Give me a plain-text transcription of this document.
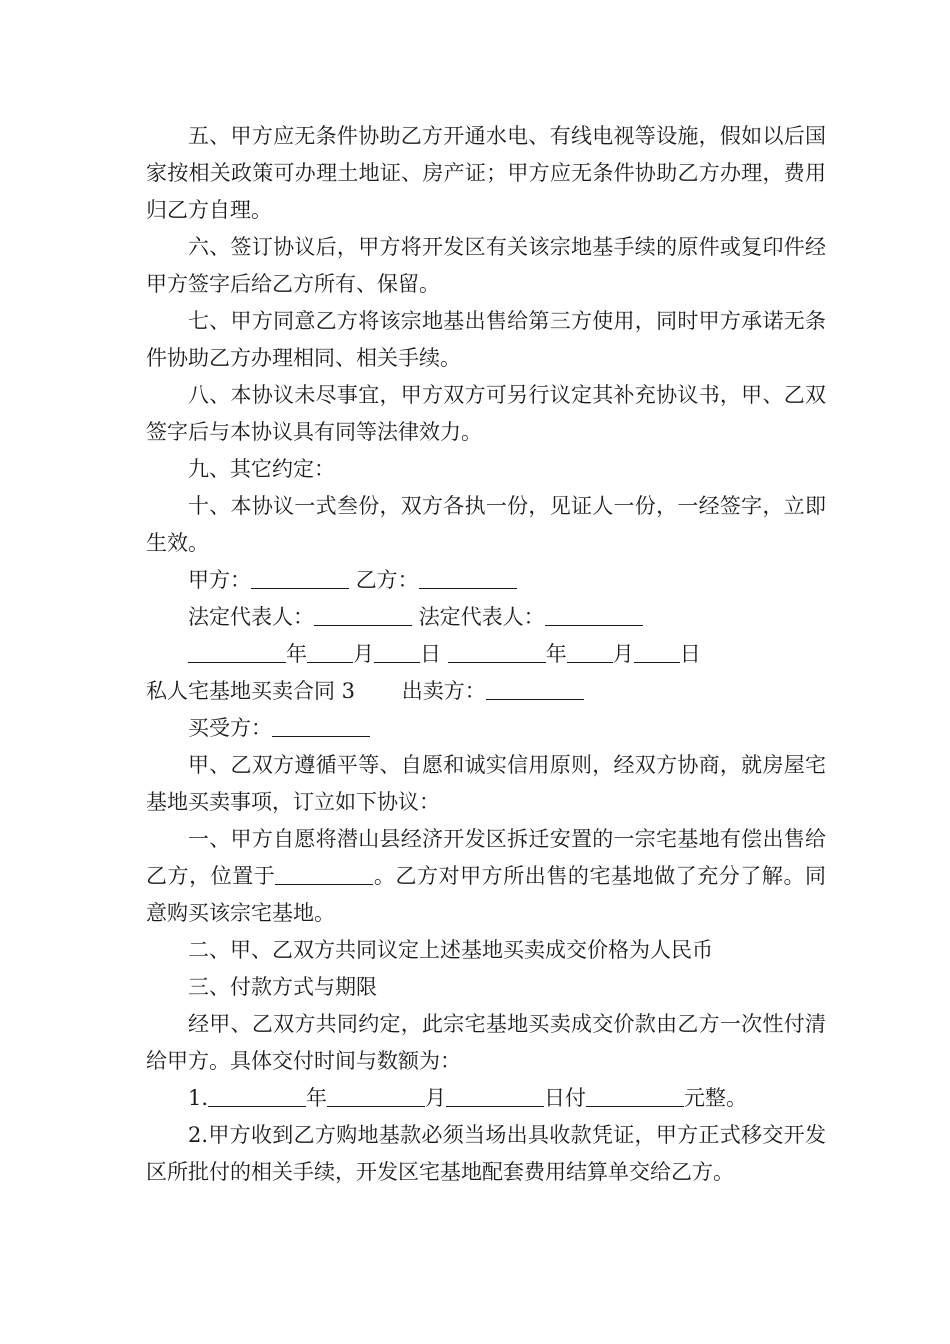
五、甲方应无条件协助乙方开通水电、有线电视等设施，假如以后国家按相关政策可办理土地证、房产证；甲方应无条件协助乙方办理，费用归乙方自理。

六、签订协议后，甲方将开发区有关该宗地基手续的原件或复印件经甲方签字后给乙方所有、保留。

七、甲方同意乙方将该宗地基出售给第三方使用，同时甲方承诺无条件协助乙方办理相同、相关手续。

八、本协议未尽事宜，甲方双方可另行议定其补充协议书，甲、乙双签字后与本协议具有同等法律效力。

九、其它约定：

十、本协议一式叁份，双方各执一份，见证人一份，一经签字，立即生效。

甲方：	乙方：

法定代表人：	法定代表人：

年 月 日	年 月 日

私人宅基地买卖合同 3 出卖方：

买受方：

甲、乙双方遵循平等、自愿和诚实信用原则，经双方协商，就房屋宅基地买卖事项，订立如下协议：

一、甲方自愿将潜山县经济开发区拆迁安置的一宗宅基地有偿出售给乙方，位置于	。乙方对甲方所出售的宅基地做了充分了解。同意购买该宗宅基地。

二、甲、乙双方共同议定上述基地买卖成交价格为人民币

三、付款方式与期限

经甲、乙双方共同约定，此宗宅基地买卖成交价款由乙方一次性付清给甲方。具体交付时间与数额为：

1.	年	月	日付	元整。

2.甲方收到乙方购地基款必须当场出具收款凭证，甲方正式移交开发区所批付的相关手续，开发区宅基地配套费用结算单交给乙方。
